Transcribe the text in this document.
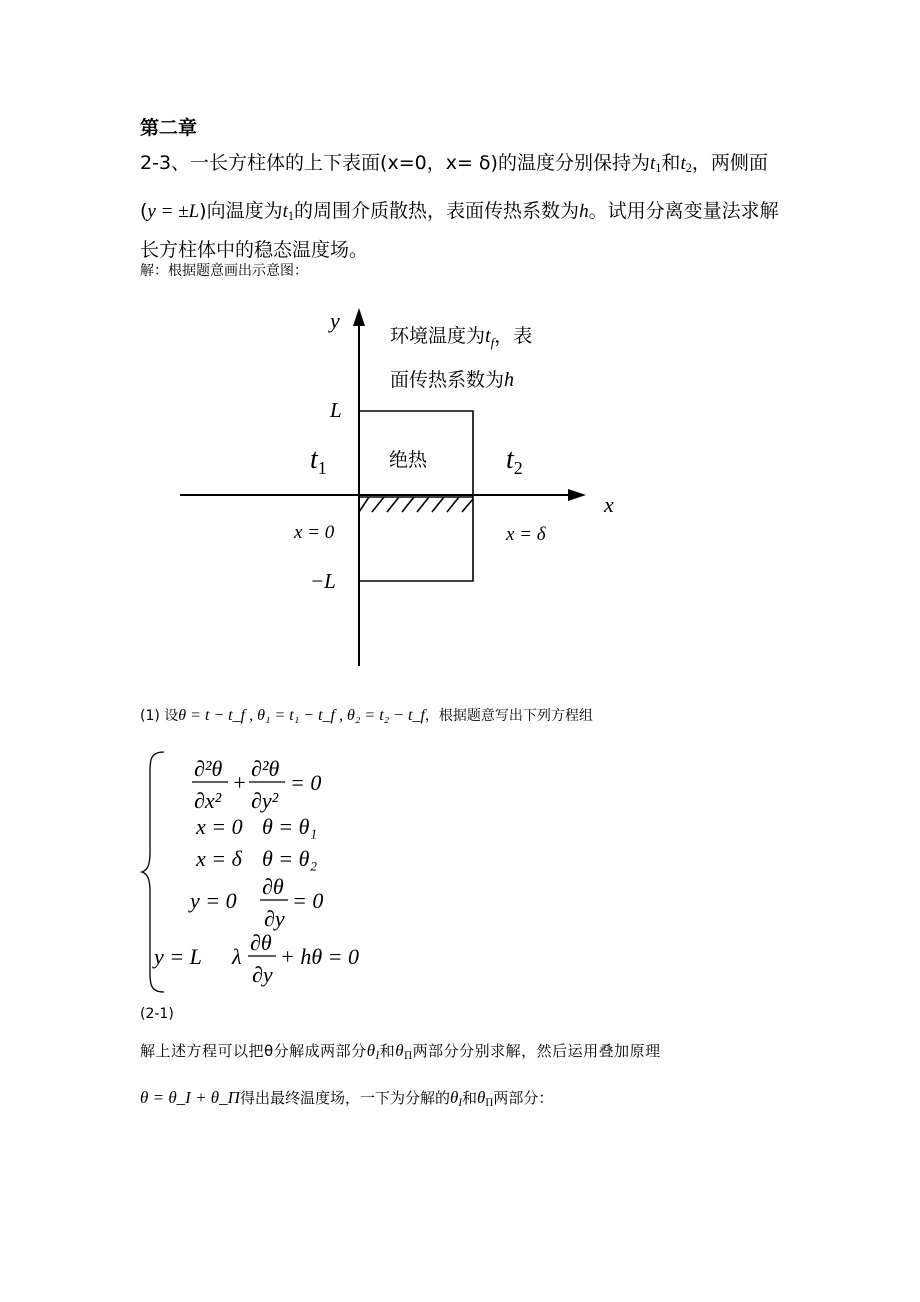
第二章
2-3、一长方柱体的上下表面(x=0，x= δ)的温度分别保持为$t_1$和$t_2$，两侧面
(y = ±L)向温度为$t_1$的周围介质散热，表面传热系数为h。试用分离变量法求解
长方柱体中的稳态温度场。
解：根据题意画出示意图：
y
x
环境温度为$t_f$，表
面传热系数为h
L
−L
$t_1$	$t_2$
绝热
x = 0	x = δ
(1) 设θ = t − t_f , θ₁ = t₁ − t_f , θ₂ = t₂ − t_f，根据题意写出下列方程组
∂²θ
∂x²
+
∂²θ
∂y²
= 0
x = 0 θ = θ₁
x = δ θ = θ₂
y = 0
∂θ
∂y
= 0
y = L λ
∂θ
∂y
+ hθ = 0
(2-1)
解上述方程可以把θ分解成两部分$\theta_I$和$\theta_\Pi$两部分分别求解，然后运用叠加原理
θ = θ_I + θ_Π得出最终温度场，一下为分解的$\theta_I$和$\theta_\Pi$两部分：
